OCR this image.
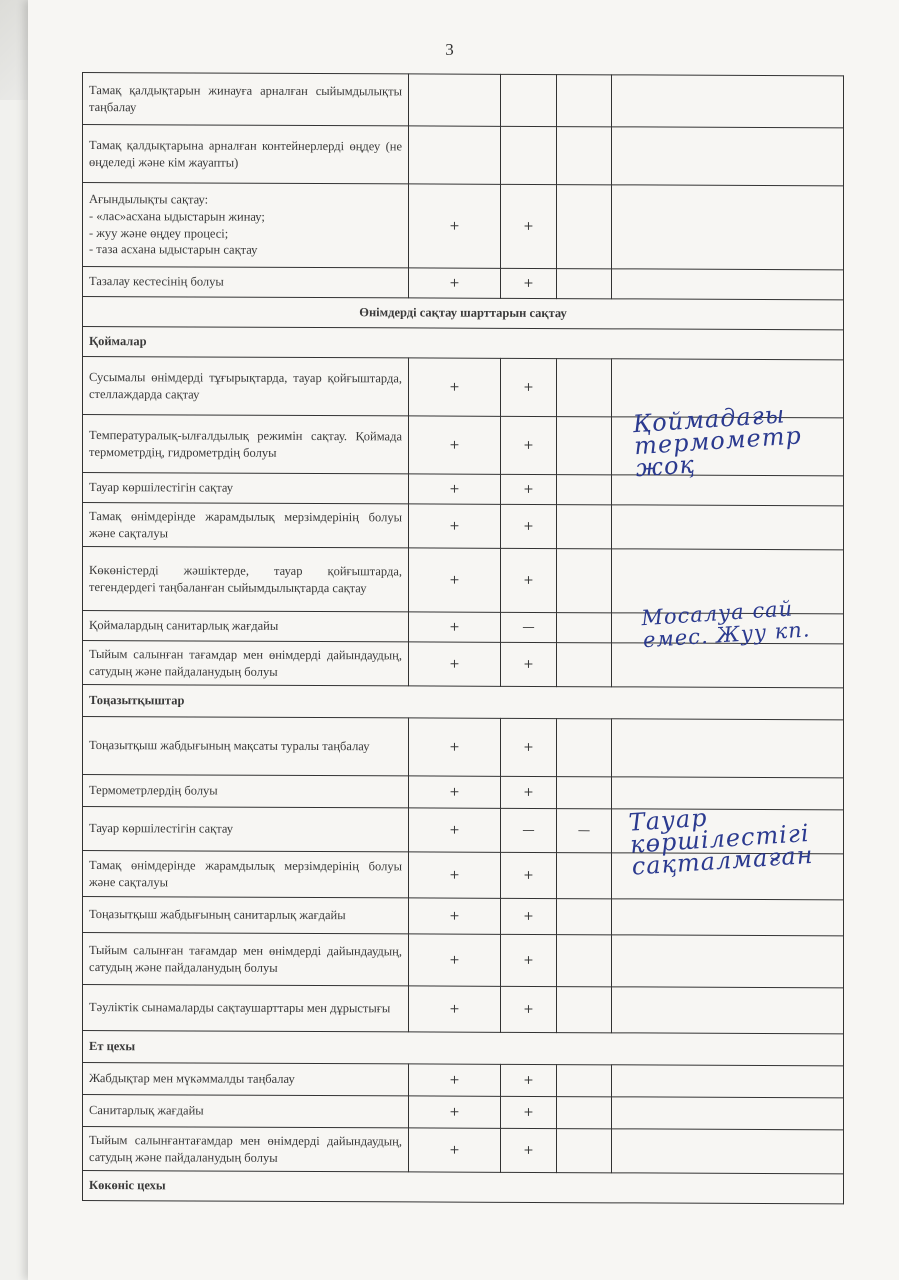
3
Тамақ қалдықтарын жинауға арналған сыйымдылықты таңбалау				
Тамақ қалдықтарына арналған контейнерлерді өңдеу (не өңделеді және кім жауапты)				
Ағындылықты сақтау:
- «лас»асхана ыдыстарын жинау;
- жуу және өңдеу процесі;
- таза асхана ыдыстарын сақтау	+	+		
Тазалау кестесінің болуы	+	+		
Өнімдерді сақтау шарттарын сақтау				
Қоймалар				
Сусымалы өнімдерді тұғырықтарда, тауар қойғыштарда, стеллаждарда сақтау	+	+		
Температуралық-ылғалдылық режимін сақтау. Қоймада термометрдің, гидрометрдің болуы	+	+		Қоймадағы
термометр
жоқ

Тауар көршілестігін сақтау	+	+		
Тамақ өнімдерінде жарамдылық мерзімдерінің болуы және сақталуы	+	+		
Көкөністерді жәшіктерде, тауар қойғыштарда, тегендердегі таңбаланған сыйымдылықтарда сақтау	+	+		
Қоймалардың санитарлық жағдайы	+	—		Мосалуа сай
емес. Жуу кп.

Тыйым салынған тағамдар мен өнімдерді дайындаудың, сатудың және пайдаланудың болуы	+	+		
Тоңазытқыштар				
Тоңазытқыш жабдығының мақсаты туралы таңбалау	+	+		
Термометрлердің болуы	+	+		
Тауар көршілестігін сақтау	+	—	—	Тауар
көршілестігі
сақталмаған

Тамақ өнімдерінде жарамдылық мерзімдерінің болуы және сақталуы	+	+		
Тоңазытқыш жабдығының санитарлық жағдайы	+	+		
Тыйым салынған тағамдар мен өнімдерді дайындаудың, сатудың және пайдаланудың болуы	+	+		
Тәуліктік сынамаларды сақтаушарттары мен дұрыстығы	+	+		
Ет цехы				
Жабдықтар мен мүкәммалды таңбалау	+	+		
Санитарлық жағдайы	+	+		
Тыйым салынғантағамдар мен өнімдерді дайындаудың, сатудың және пайдаланудың болуы	+	+		
Көкөніс цехы				
